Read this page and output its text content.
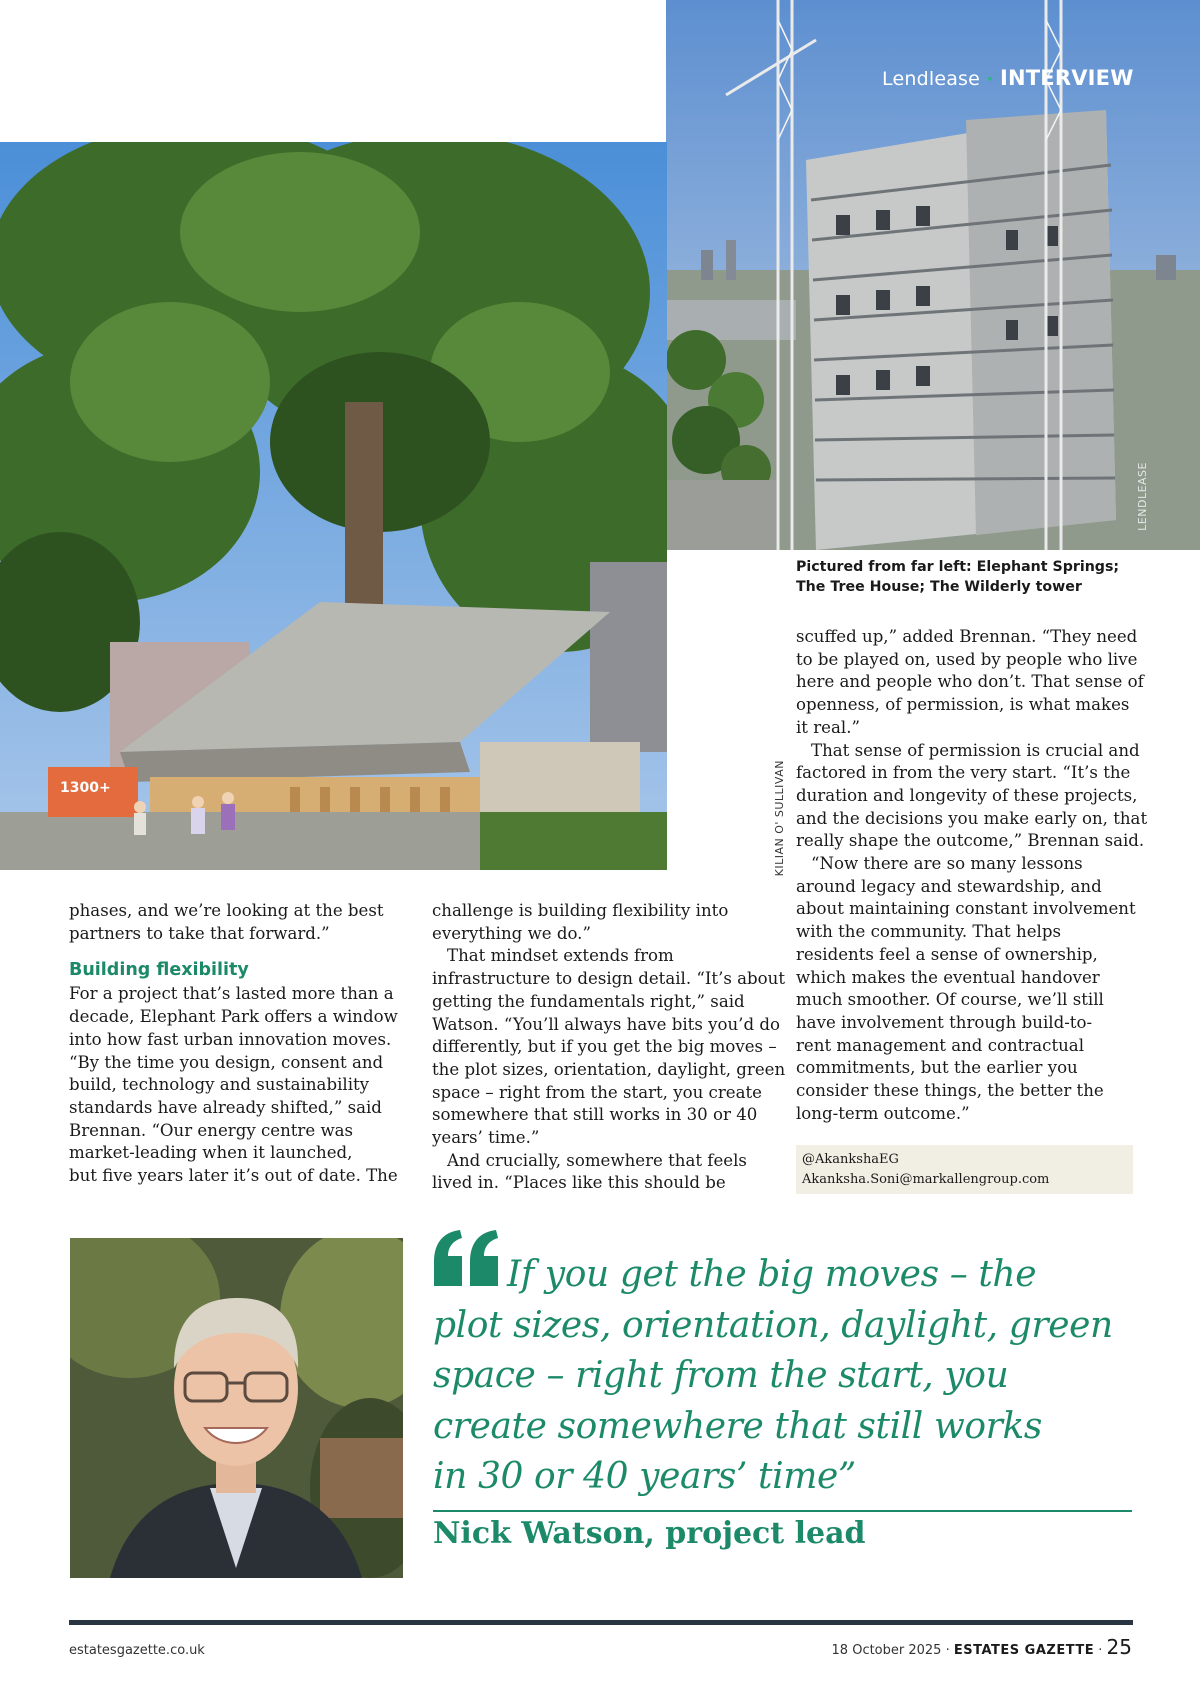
Lendlease · INTERVIEW
LENDLEASE
1300+	KILIAN O' SULLIVAN
Pictured from far left: Elephant Springs;
The Tree House; The Wilderly tower

phases, and we’re looking at the best

partners to take that forward.”

Building flexibility

For a project that’s lasted more than a

decade, Elephant Park offers a window

into how fast urban innovation moves.

“By the time you design, consent and

build, technology and sustainability

standards have already shifted,” said

Brennan. “Our energy centre was

market-leading when it launched,

but five years later it’s out of date. The

challenge is building flexibility into

everything we do.”

That mindset extends from

infrastructure to design detail. “It’s about

getting the fundamentals right,” said

Watson. “You’ll always have bits you’d do

differently, but if you get the big moves –

the plot sizes, orientation, daylight, green

space – right from the start, you create

somewhere that still works in 30 or 40

years’ time.”

And crucially, somewhere that feels

lived in. “Places like this should be

scuffed up,” added Brennan. “They need

to be played on, used by people who live

here and people who don’t. That sense of

openness, of permission, is what makes

it real.”

That sense of permission is crucial and

factored in from the very start. “It’s the

duration and longevity of these projects,

and the decisions you make early on, that

really shape the outcome,” Brennan said.

“Now there are so many lessons

around legacy and stewardship, and

about maintaining constant involvement

with the community. That helps

residents feel a sense of ownership,

which makes the eventual handover

much smoother. Of course, we’ll still

have involvement through build-to-

rent management and contractual

commitments, but the earlier you

consider these things, the better the

long-term outcome.”

@AkankshaEG
Akanksha.Soni@markallengroup.com
If you get the big moves – the
plot sizes, orientation, daylight, green
space – right from the start, you
create somewhere that still works
in 30 or 40 years’ time”
Nick Watson, project lead
estatesgazette.co.uk	18 October 2025 · ESTATES GAZETTE · 25
